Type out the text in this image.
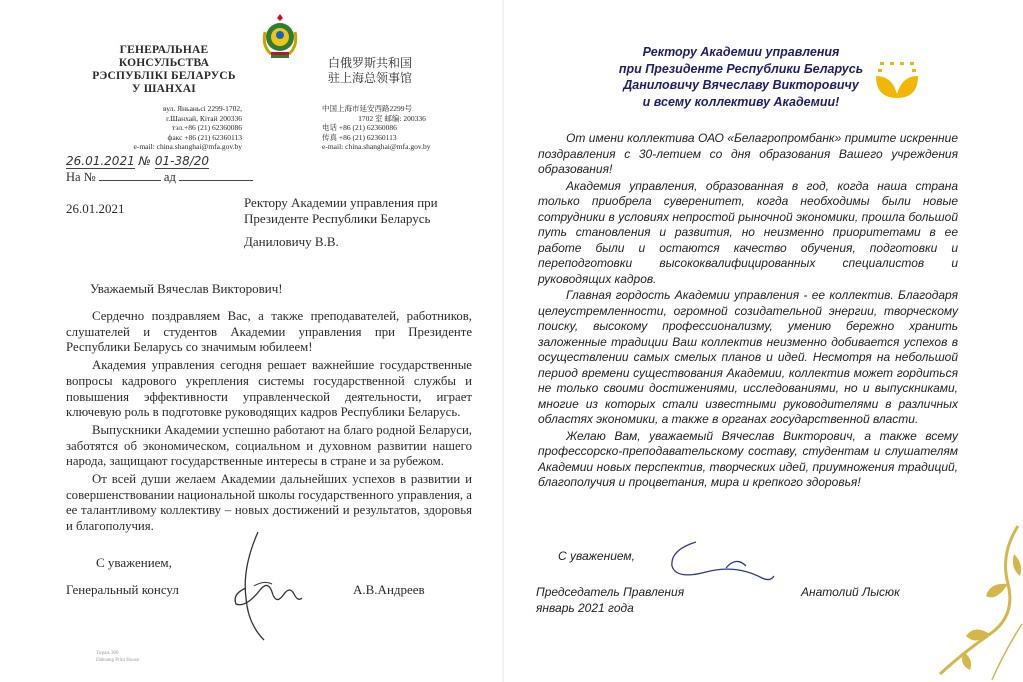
ГЕНЕРАЛЬНАЕ
КОНСУЛЬСТВА
РЭСПУБЛІКІ БЕЛАРУСЬ
У ШАНХАІ
вул. Яньаньсі 2299-1702,
г.Шанхай, Кітай 200336
тэл.+86 (21) 62360086
факс +86 (21) 62360113
e-mail: china.shanghai@mfa.gov.by
白俄罗斯共和国
驻上海总领事馆
中国上海市延安西路2299号
1702 室 邮编: 200336
电话 +86 (21) 62360086
传真 +86 (21) 62360113
e-mail: china.shanghai@mfa.gov.by
26.01.2021 № 01-38/20
На №	ад
26.01.2021	Ректору Академии управления при
Президенте Республики Беларусь
Даниловичу В.В.
Уважаемый Вячеслав Викторович!

Сердечно поздравляем Вас, а также преподавателей, работников, слушателей и студентов Академии управления при Президенте Республики Беларусь со значимым юбилеем!

Академия управления сегодня решает важнейшие государственные вопросы кадрового укрепления системы государственной службы и повышения эффективности управленческой деятельности, играет ключевую роль в подготовке руководящих кадров Республики Беларусь.

Выпускники Академии успешно работают на благо родной Беларуси, заботятся об экономическом, социальном и духовном развитии нашего народа, защищают государственные интересы в стране и за рубежом.

От всей души желаем Академии дальнейших успехов в развитии и совершенствовании национальной школы государственного управления, а ее талантливому коллективу – новых достижений и результатов, здоровья и благополучия.

С уважением,
Генеральный консул	А.В.Андреев
Тираж 300
Dahuang Print House
Ректору Академии управления
при Президенте Республики Беларусь
Даниловичу Вячеславу Викторовичу
и всему коллективу Академии!

От имени коллектива ОАО «Белагропромбанк» примите искренние поздравления с 30-летием со дня образования Вашего учреждения образования!

Академия управления, образованная в год, когда наша страна только приобрела суверенитет, когда необходимы были новые сотрудники в условиях непростой рыночной экономики, прошла большой путь становления и развития, но неизменно приоритетами в ее работе были и остаются качество обучения, подготовки и переподготовки высококвалифицированных специалистов и руководящих кадров.

Главная гордость Академии управления - ее коллектив. Благодаря целеустремленности, огромной созидательной энергии, творческому поиску, высокому профессионализму, умению бережно хранить заложенные традиции Ваш коллектив неизменно добивается успехов в осуществлении самых смелых планов и идей. Несмотря на небольшой период времени существования Академии, коллектив может гордиться не только своими достижениями, исследованиями, но и выпускниками, многие из которых стали известными руководителями в различных областях экономики, а также в органах государственной власти.

Желаю Вам, уважаемый Вячеслав Викторович, а также всему профессорско-преподавательскому составу, студентам и слушателям Академии новых перспектив, творческих идей, приумножения традиций, благополучия и процветания, мира и крепкого здоровья!

С уважением,
Председатель Правления
январь 2021 года
Анатолий Лысюк
